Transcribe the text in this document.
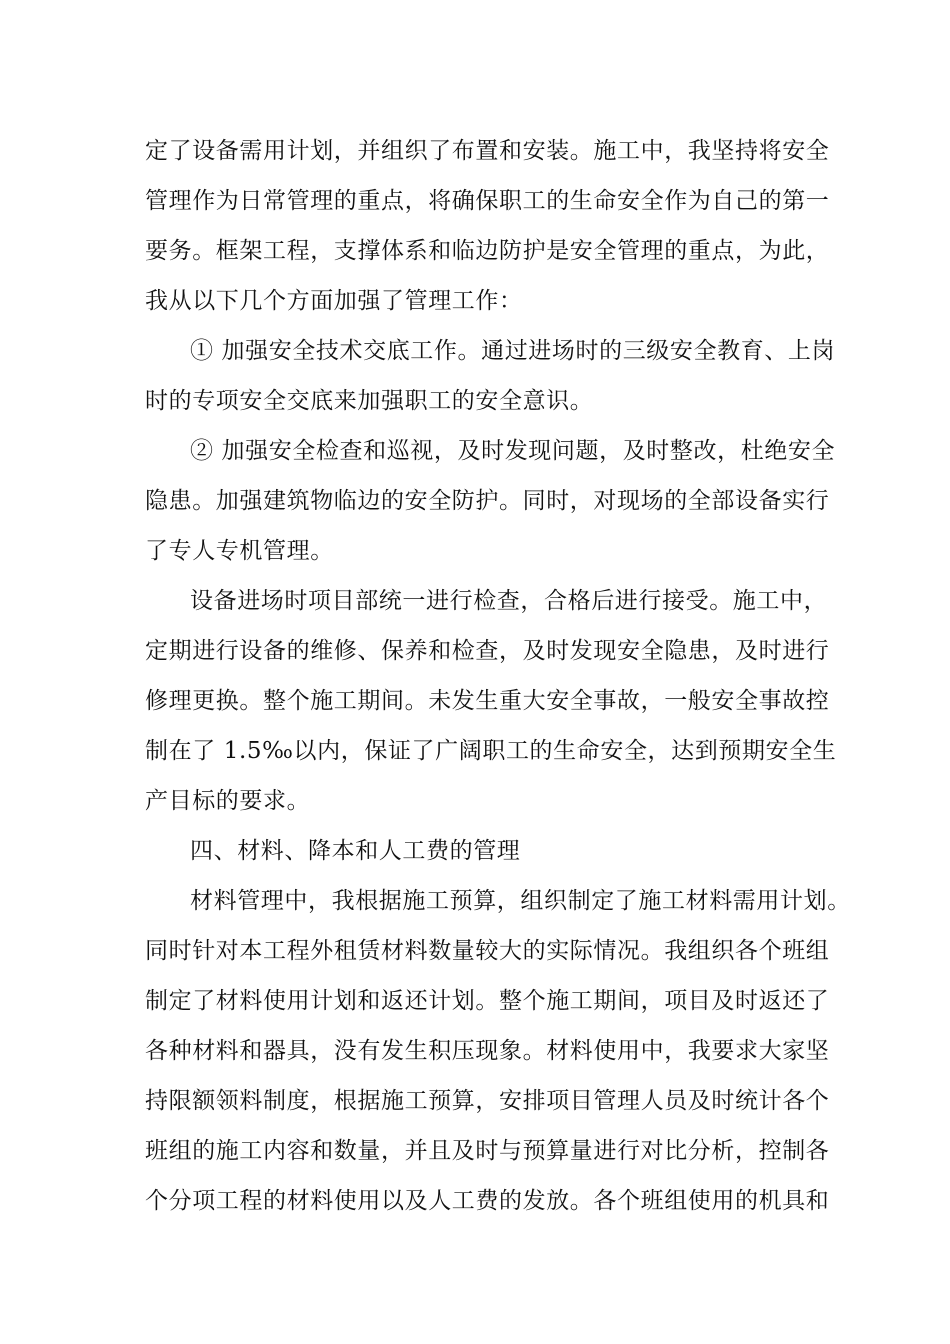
定了设备需用计划，并组织了布置和安装。施工中，我坚持将安全
管理作为日常管理的重点，将确保职工的生命安全作为自己的第一
要务。框架工程，支撑体系和临边防护是安全管理的重点，为此，
我从以下几个方面加强了管理工作：
① 加强安全技术交底工作。通过进场时的三级安全教育、上岗
时的专项安全交底来加强职工的安全意识。
② 加强安全检查和巡视，及时发现问题，及时整改，杜绝安全
隐患。加强建筑物临边的安全防护。同时，对现场的全部设备实行
了专人专机管理。
设备进场时项目部统一进行检查，合格后进行接受。施工中，
定期进行设备的维修、保养和检查，及时发现安全隐患，及时进行
修理更换。整个施工期间。未发生重大安全事故，一般安全事故控
制在了 1.5‰以内，保证了广阔职工的生命安全，达到预期安全生
产目标的要求。
四、材料、降本和人工费的管理
材料管理中，我根据施工预算，组织制定了施工材料需用计划。
同时针对本工程外租赁材料数量较大的实际情况。我组织各个班组
制定了材料使用计划和返还计划。整个施工期间，项目及时返还了
各种材料和器具，没有发生积压现象。材料使用中，我要求大家坚
持限额领料制度，根据施工预算，安排项目管理人员及时统计各个
班组的施工内容和数量，并且及时与预算量进行对比分析，控制各
个分项工程的材料使用以及人工费的发放。各个班组使用的机具和
